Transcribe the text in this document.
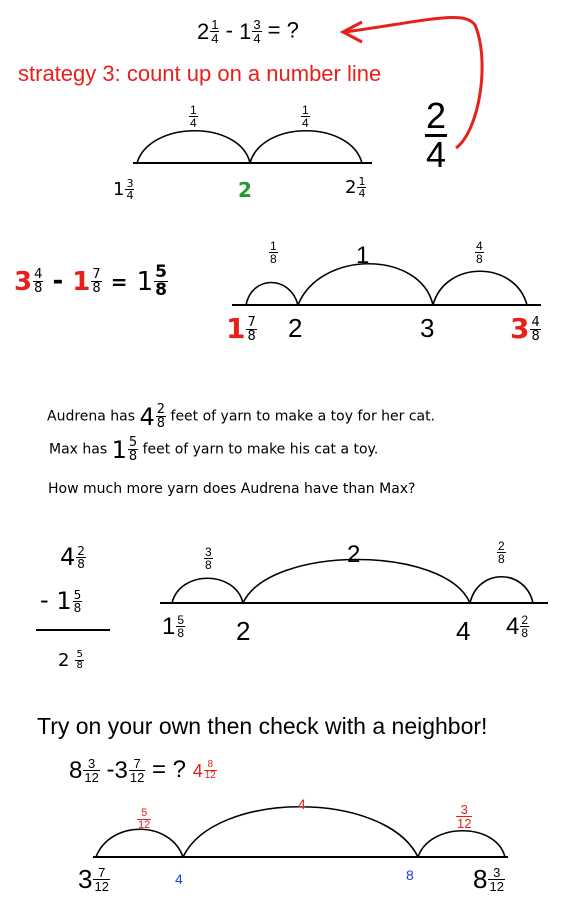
2 1
4 - 1 3
4 = ?
strategy 3: count up on a number line
$\frac{2}{4}$
$\frac{1}{4}$	$\frac{1}{4}$
1 3
4	2	2 1
4
3 4
8 - 1 7
8 = 1 5
8
$\frac{1}{8}$	1	$\frac{4}{8}$
1 7
8 2	3	3 4
8
Audrena has 4 2
8 feet of yarn to make a toy for her cat.
Max has 1 5
8 feet of yarn to make his cat a toy.
How much more yarn does Audrena have than Max?
4 2
8
- 1 5
8
2 5
8
$\frac{3}{8}$	2	$\frac{2}{8}$
1 5
8 2	4 4 2
8
Try on your own then check with a neighbor!
8 3
12 - 3 7
12 = ? 4 8
12
$\frac{5}{12}$
4	$\frac{3}{12}$
3 7
12	4	8 8 3
12
